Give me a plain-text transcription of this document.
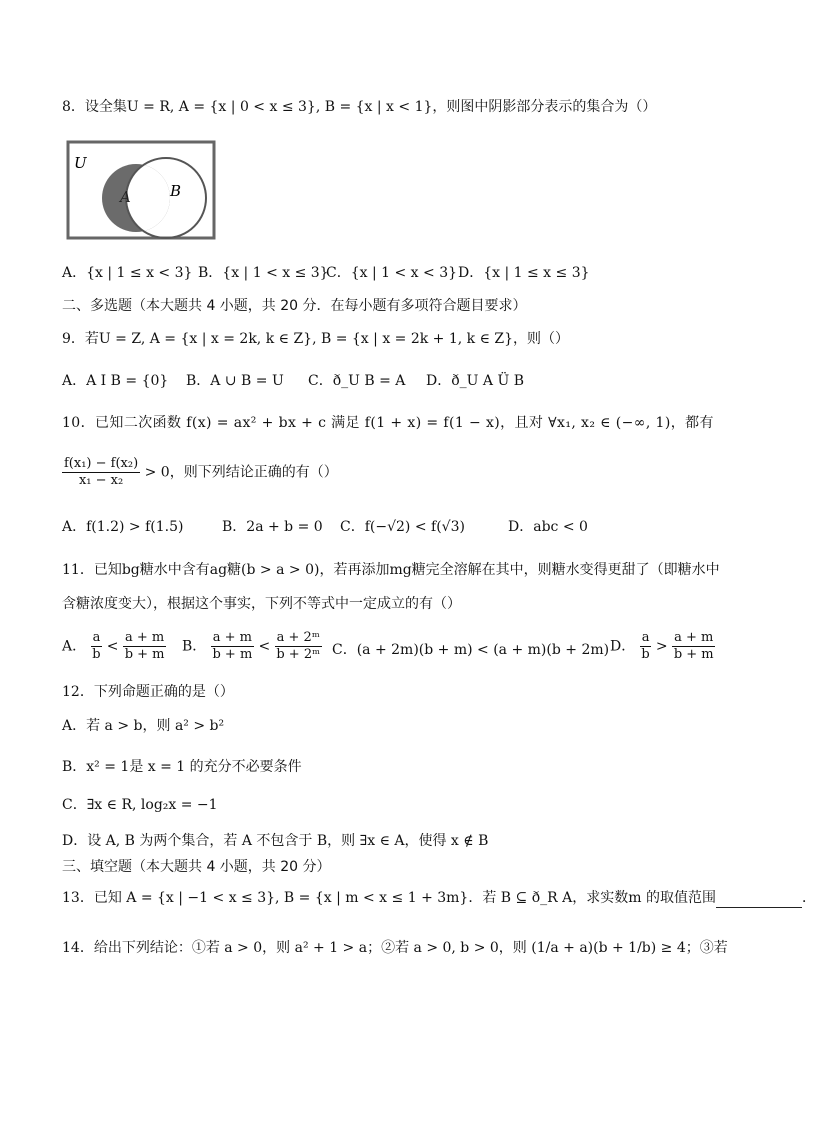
8．设全集U = R, A = {x | 0 < x ≤ 3}, B = {x | x < 1}，则图中阴影部分表示的集合为（）
U
A	B
A．{x | 1 ≤ x < 3} B．{x | 1 < x ≤ 3}
C．{x | 1 < x < 3} D．{x | 1 ≤ x ≤ 3}
二、多选题（本大题共 4 小题，共 20 分．在每小题有多项符合题目要求）
9．若U = Z, A = {x | x = 2k, k ∈ Z}, B = {x | x = 2k + 1, k ∈ Z}，则（）
A．A I B = {0} B．A ∪ B = U C．ð_U B = A D．ð_U A Ü B
10．已知二次函数 f(x) = ax² + bx + c 满足 f(1 + x) = f(1 − x)，且对 ∀x₁, x₂ ∈ (−∞, 1)，都有
$\frac{\text{f(x₁) − f(x₂)}}{\text{x₁ − x₂}} > 0$，则下列结论正确的有（）
A．f(1.2) > f(1.5)	B．2a + b = 0 C．f(−√2) < f(√3)	D．abc < 0
11．已知bg糖水中含有ag糖(b > a > 0)，若再添加mg糖完全溶解在其中，则糖水变得更甜了（即糖水中
含糖浓度变大），根据这个事实，下列不等式中一定成立的有（）
A． $\frac{a}{b} < \frac{a + m}{b + m}$ B． $\frac{a + m}{b + m} < \frac{\text{a + 2ᵐ}}{\text{b + 2ᵐ}}$ C．(a + 2m)(b + m) < (a + m)(b + 2m) D． $\frac{a}{b} > \frac{a + m}{b + m}$
12．下列命题正确的是（）
A．若 a > b，则 a² > b²
B．x² = 1是 x = 1 的充分不必要条件
C．∃x ∈ R, log₂x = −1
D．设 A, B 为两个集合，若 A 不包含于 B，则 ∃x ∈ A，使得 x ∉ B
三、填空题（本大题共 4 小题，共 20 分）
13．已知 A = {x | −1 < x ≤ 3}, B = {x | m < x ≤ 1 + 3m}．若 B ⊆ ð_R A，求实数m 的取值范围	．
14．给出下列结论：①若 a > 0，则 a² + 1 > a；②若 a > 0, b > 0，则 (1/a + a)(b + 1/b) ≥ 4；③若
